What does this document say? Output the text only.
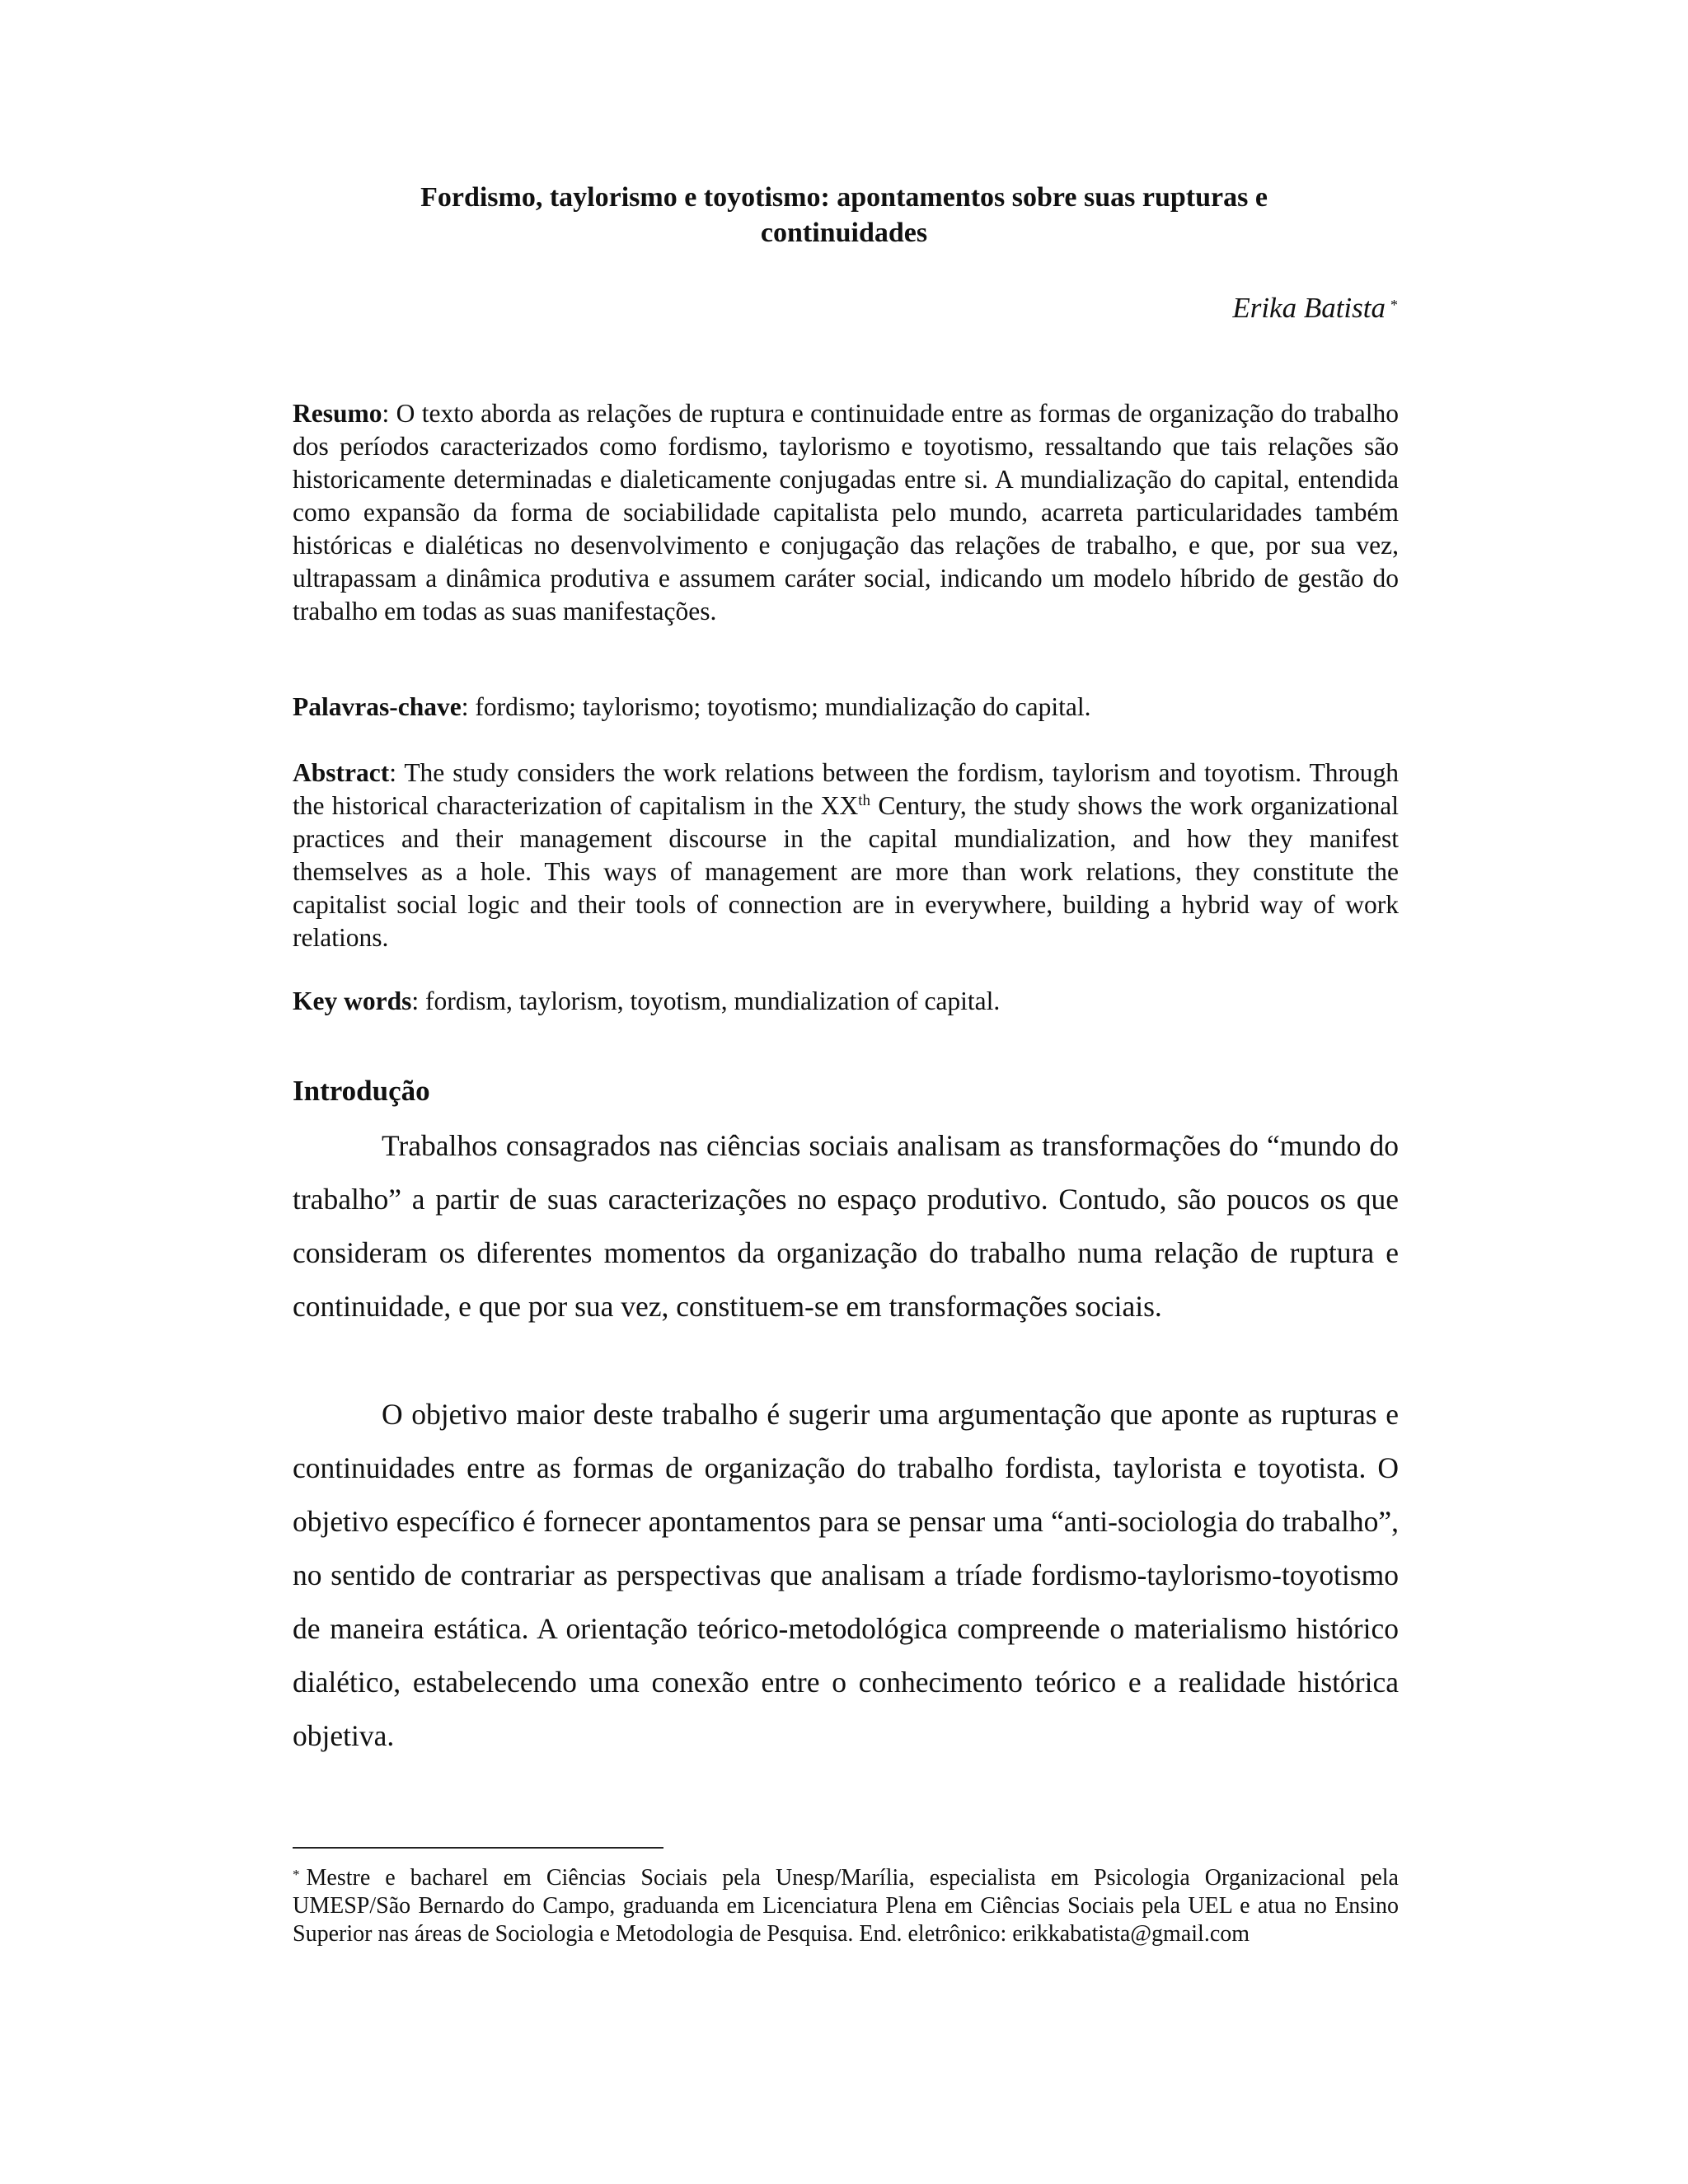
Fordismo, taylorismo e toyotismo: apontamentos sobre suas rupturas e
continuidades
Erika Batista *

Resumo: O texto aborda as relações de ruptura e continuidade entre as formas de organização do trabalho dos períodos caracterizados como fordismo, taylorismo e toyotismo, ressaltando que tais relações são historicamente determinadas e dialeticamente conjugadas entre si. A mundialização do capital, entendida como expansão da forma de sociabilidade capitalista pelo mundo, acarreta particularidades também históricas e dialéticas no desenvolvimento e conjugação das relações de trabalho, e que, por sua vez, ultrapassam a dinâmica produtiva e assumem caráter social, indicando um modelo híbrido de gestão do trabalho em todas as suas manifestações.

Palavras-chave: fordismo; taylorismo; toyotismo; mundialização do capital.

Abstract: The study considers the work relations between the fordism, taylorism and toyotism. Through the historical characterization of capitalism in the XXth Century, the study shows the work organizational practices and their management discourse in the capital mundialization, and how they manifest themselves as a hole. This ways of management are more than work relations, they constitute the capitalist social logic and their tools of connection are in everywhere, building a hybrid way of work relations.

Key words: fordism, taylorism, toyotism, mundialization of capital.

Introdução

Trabalhos consagrados nas ciências sociais analisam as transformações do “mundo do trabalho” a partir de suas caracterizações no espaço produtivo. Contudo, são poucos os que consideram os diferentes momentos da organização do trabalho numa relação de ruptura e continuidade, e que por sua vez, constituem-se em transformações sociais.

O objetivo maior deste trabalho é sugerir uma argumentação que aponte as rupturas e continuidades entre as formas de organização do trabalho fordista, taylorista e toyotista. O objetivo específico é fornecer apontamentos para se pensar uma “anti-sociologia do trabalho”, no sentido de contrariar as perspectivas que analisam a tríade fordismo-taylorismo-toyotismo de maneira estática. A orientação teórico-metodológica compreende o materialismo histórico dialético, estabelecendo uma conexão entre o conhecimento teórico e a realidade histórica objetiva.

* Mestre e bacharel em Ciências Sociais pela Unesp/Marília, especialista em Psicologia Organizacional pela UMESP/São Bernardo do Campo, graduanda em Licenciatura Plena em Ciências Sociais pela UEL e atua no Ensino Superior nas áreas de Sociologia e Metodologia de Pesquisa. End. eletrônico: erikkabatista@gmail.com
